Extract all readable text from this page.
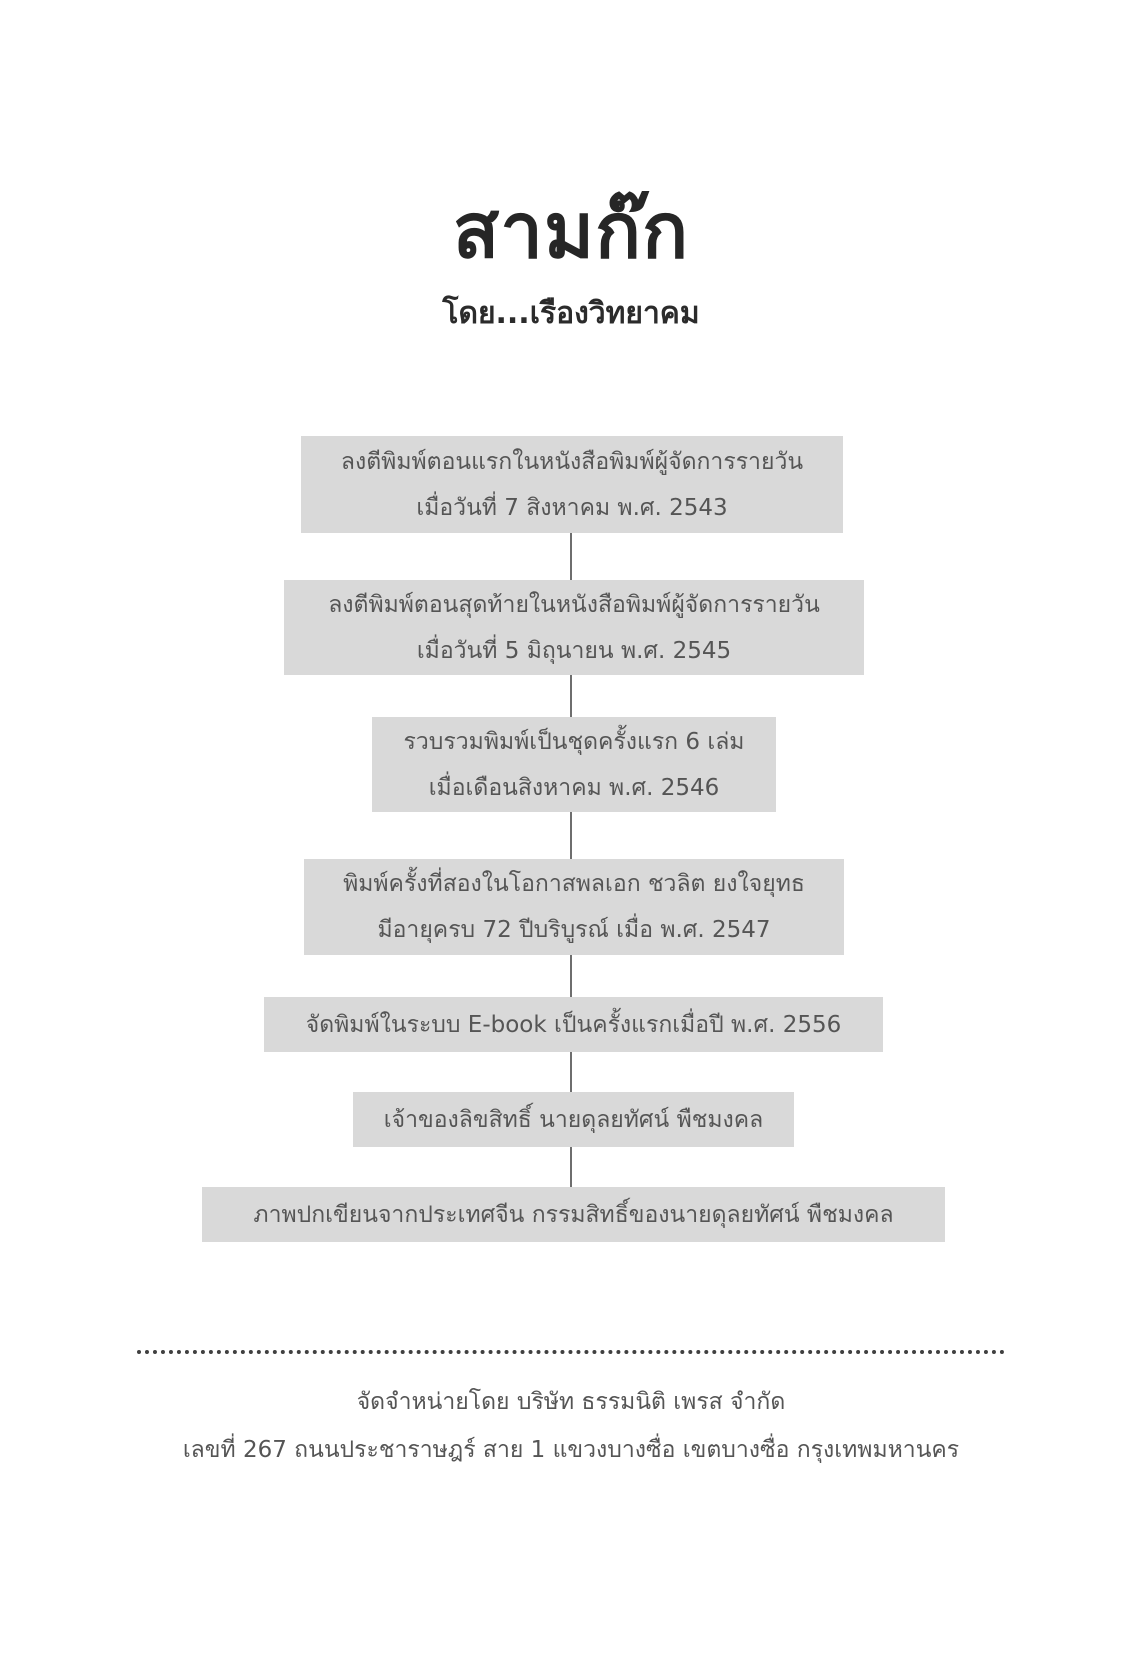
สามก๊ก
โดย...เรืองวิทยาคม
ลงตีพิมพ์ตอนแรกในหนังสือพิมพ์ผู้จัดการรายวัน
เมื่อวันที่ 7 สิงหาคม พ.ศ. 2543
ลงตีพิมพ์ตอนสุดท้ายในหนังสือพิมพ์ผู้จัดการรายวัน
เมื่อวันที่ 5 มิถุนายน พ.ศ. 2545
รวบรวมพิมพ์เป็นชุดครั้งแรก 6 เล่ม
เมื่อเดือนสิงหาคม พ.ศ. 2546
พิมพ์ครั้งที่สองในโอกาสพลเอก ชวลิต ยงใจยุทธ
มีอายุครบ 72 ปีบริบูรณ์ เมื่อ พ.ศ. 2547
จัดพิมพ์ในระบบ E-book เป็นครั้งแรกเมื่อปี พ.ศ. 2556
เจ้าของลิขสิทธิ์ นายดุลยทัศน์ พืชมงคล
ภาพปกเขียนจากประเทศจีน กรรมสิทธิ์ของนายดุลยทัศน์ พืชมงคล
จัดจำหน่ายโดย บริษัท ธรรมนิติ เพรส จำกัด
เลขที่ 267 ถนนประชาราษฎร์ สาย 1 แขวงบางซื่อ เขตบางซื่อ กรุงเทพมหานคร
